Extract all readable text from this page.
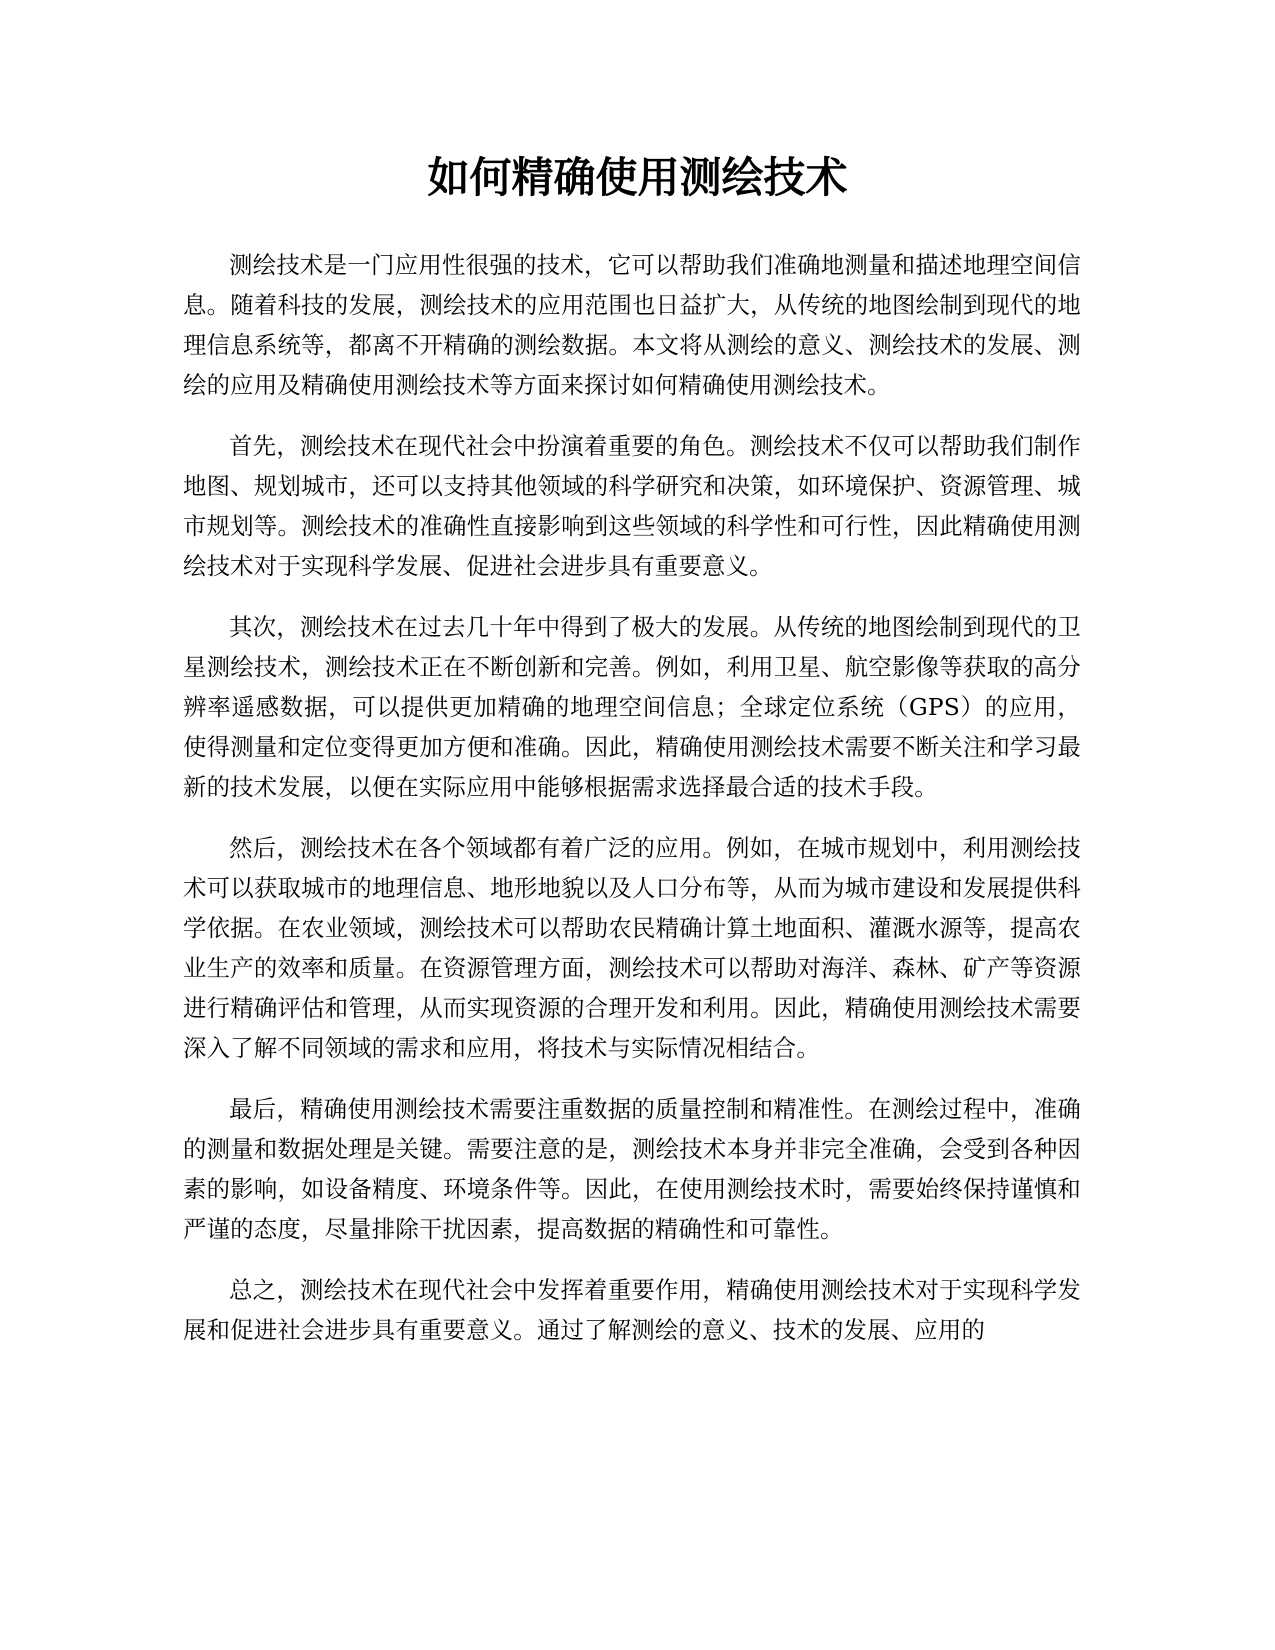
如何精确使用测绘技术

测绘技术是一门应用性很强的技术，它可以帮助我们准确地测量和描述地理空间信息。随着科技的发展，测绘技术的应用范围也日益扩大，从传统的地图绘制到现代的地理信息系统等，都离不开精确的测绘数据。本文将从测绘的意义、测绘技术的发展、测绘的应用及精确使用测绘技术等方面来探讨如何精确使用测绘技术。

首先，测绘技术在现代社会中扮演着重要的角色。测绘技术不仅可以帮助我们制作地图、规划城市，还可以支持其他领域的科学研究和决策，如环境保护、资源管理、城市规划等。测绘技术的准确性直接影响到这些领域的科学性和可行性，因此精确使用测绘技术对于实现科学发展、促进社会进步具有重要意义。

其次，测绘技术在过去几十年中得到了极大的发展。从传统的地图绘制到现代的卫星测绘技术，测绘技术正在不断创新和完善。例如，利用卫星、航空影像等获取的高分辨率遥感数据，可以提供更加精确的地理空间信息；全球定位系统（GPS）的应用，使得测量和定位变得更加方便和准确。因此，精确使用测绘技术需要不断关注和学习最新的技术发展，以便在实际应用中能够根据需求选择最合适的技术手段。

然后，测绘技术在各个领域都有着广泛的应用。例如，在城市规划中，利用测绘技术可以获取城市的地理信息、地形地貌以及人口分布等，从而为城市建设和发展提供科学依据。在农业领域，测绘技术可以帮助农民精确计算土地面积、灌溉水源等，提高农业生产的效率和质量。在资源管理方面，测绘技术可以帮助对海洋、森林、矿产等资源进行精确评估和管理，从而实现资源的合理开发和利用。因此，精确使用测绘技术需要深入了解不同领域的需求和应用，将技术与实际情况相结合。

最后，精确使用测绘技术需要注重数据的质量控制和精准性。在测绘过程中，准确的测量和数据处理是关键。需要注意的是，测绘技术本身并非完全准确，会受到各种因素的影响，如设备精度、环境条件等。因此，在使用测绘技术时，需要始终保持谨慎和严谨的态度，尽量排除干扰因素，提高数据的精确性和可靠性。

总之，测绘技术在现代社会中发挥着重要作用，精确使用测绘技术对于实现科学发展和促进社会进步具有重要意义。通过了解测绘的意义、技术的发展、应用的
